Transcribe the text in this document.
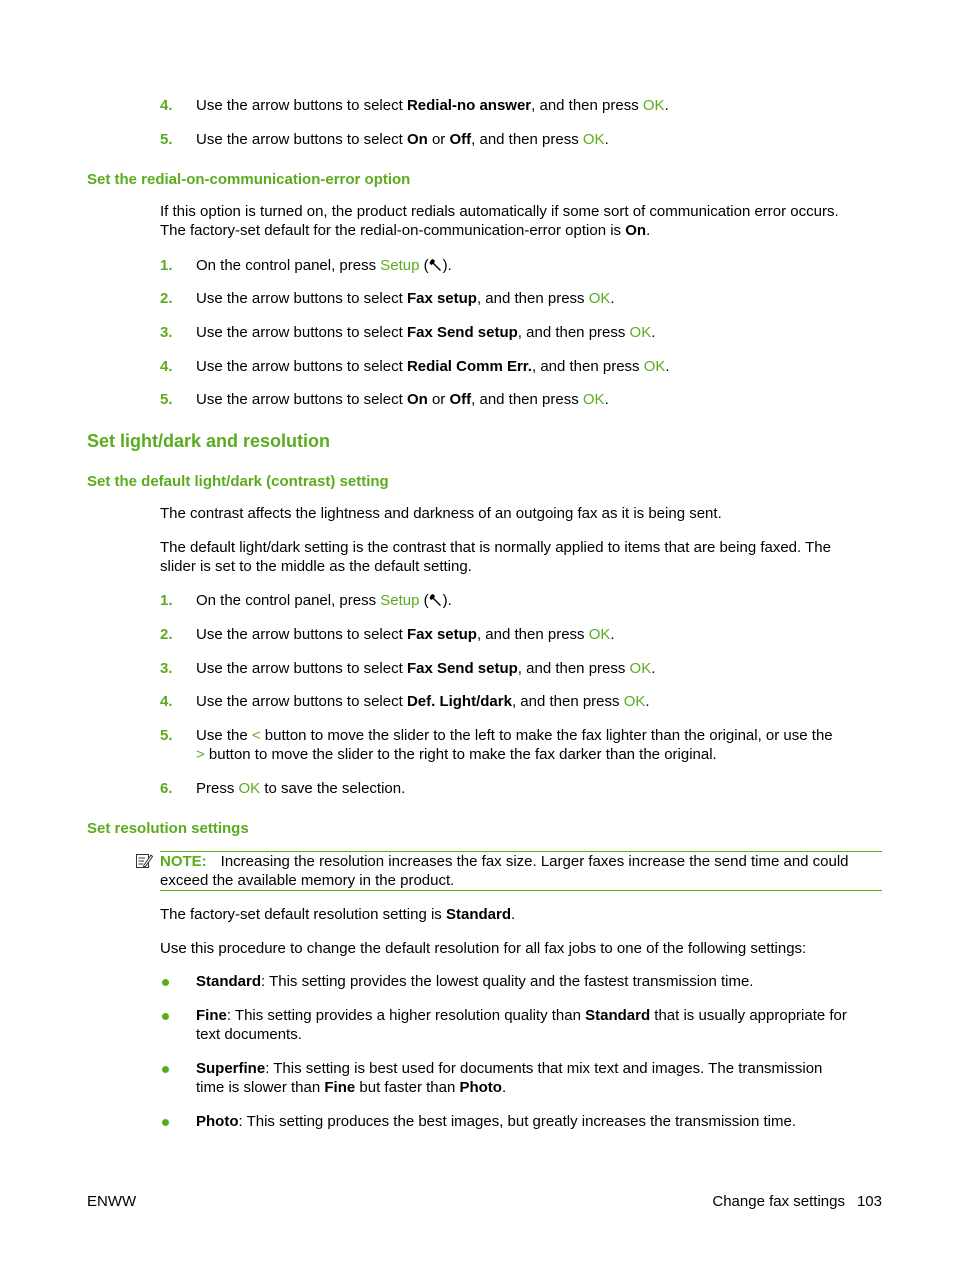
4. Use the arrow buttons to select Redial-no answer, and then press OK.
5. Use the arrow buttons to select On or Off, and then press OK.
Set the redial-on-communication-error option
If this option is turned on, the product redials automatically if some sort of communication error occurs.
The factory-set default for the redial-on-communication-error option is On.
1. On the control panel, press Setup ( ).
2. Use the arrow buttons to select Fax setup, and then press OK.
3. Use the arrow buttons to select Fax Send setup, and then press OK.
4. Use the arrow buttons to select Redial Comm Err., and then press OK.
5. Use the arrow buttons to select On or Off, and then press OK.
Set light/dark and resolution
Set the default light/dark (contrast) setting
The contrast affects the lightness and darkness of an outgoing fax as it is being sent.
The default light/dark setting is the contrast that is normally applied to items that are being faxed. The
slider is set to the middle as the default setting.
1. On the control panel, press Setup ( ).
2. Use the arrow buttons to select Fax setup, and then press OK.
3. Use the arrow buttons to select Fax Send setup, and then press OK.
4. Use the arrow buttons to select Def. Light/dark, and then press OK.
5. Use the < button to move the slider to the left to make the fax lighter than the original, or use the
> button to move the slider to the right to make the fax darker than the original.
6. Press OK to save the selection.
Set resolution settings
NOTE: Increasing the resolution increases the fax size. Larger faxes increase the send time and could
exceed the available memory in the product.
The factory-set default resolution setting is Standard.
Use this procedure to change the default resolution for all fax jobs to one of the following settings:
Standard: This setting provides the lowest quality and the fastest transmission time.
Fine: This setting provides a higher resolution quality than Standard that is usually appropriate for
text documents.
Superfine: This setting is best used for documents that mix text and images. The transmission
time is slower than Fine but faster than Photo.
Photo: This setting produces the best images, but greatly increases the transmission time.
ENWW	Change fax settings 103
